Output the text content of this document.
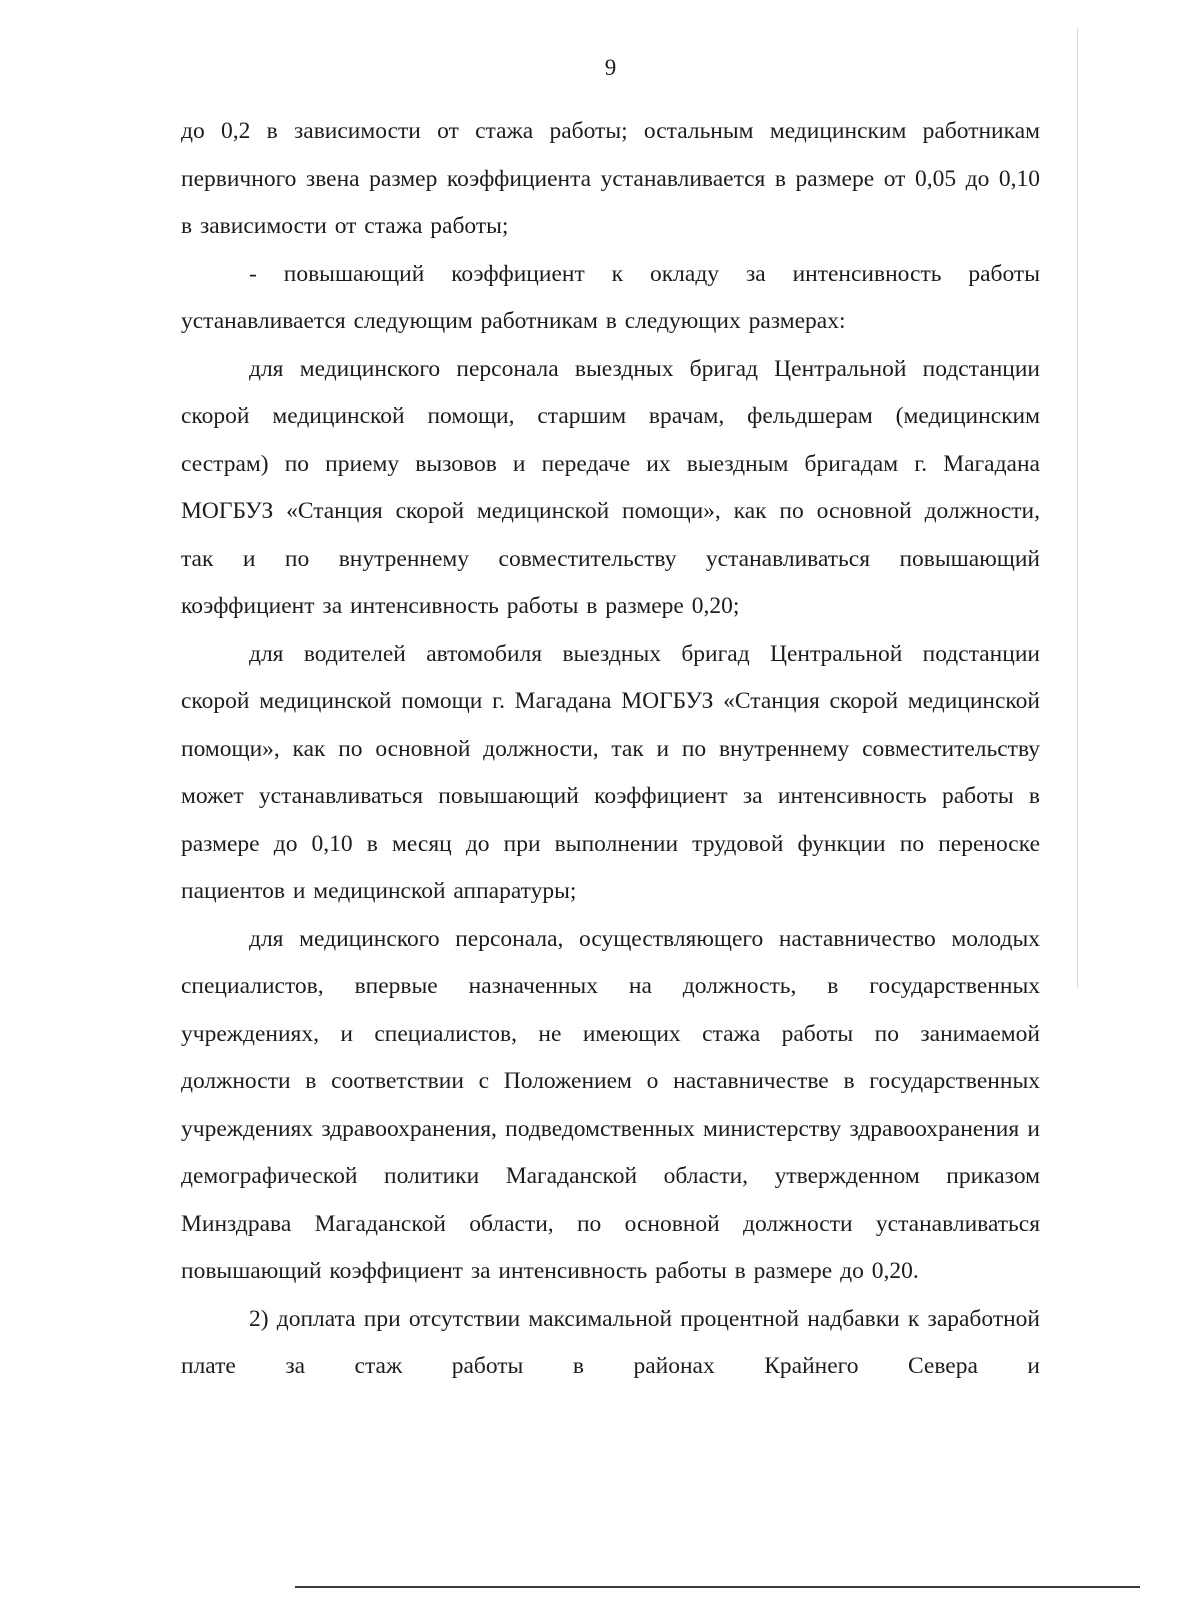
9

до 0,2 в зависимости от стажа работы; остальным медицинским работникам первичного звена размер коэффициента устанавливается в размере от 0,05 до 0,10 в зависимости от стажа работы;

- повышающий коэффициент к окладу за интенсивность работы устанавливается следующим работникам в следующих размерах:

для медицинского персонала выездных бригад Центральной подстанции скорой медицинской помощи, старшим врачам, фельдшерам (медицинским сестрам) по приему вызовов и передаче их выездным бригадам г. Магадана МОГБУЗ «Станция скорой медицинской помощи», как по основной должности, так и по внутреннему совместительству устанавливаться повышающий коэффициент за интенсивность работы в размере 0,20;

для водителей автомобиля выездных бригад Центральной подстанции скорой медицинской помощи г. Магадана МОГБУЗ «Станция скорой медицинской помощи», как по основной должности, так и по внутреннему совместительству может устанавливаться повышающий коэффициент за интенсивность работы в размере до 0,10 в месяц до при выполнении трудовой функции по переноске пациентов и медицинской аппаратуры;

для медицинского персонала, осуществляющего наставничество молодых специалистов, впервые назначенных на должность, в государственных учреждениях, и специалистов, не имеющих стажа работы по занимаемой должности в соответствии с Положением о наставничестве в государственных учреждениях здравоохранения, подведомственных министерству здравоохранения и демографической политики Магаданской области, утвержденном приказом Минздрава Магаданской области, по основной должности устанавливаться повышающий коэффициент за интенсивность работы в размере до 0,20.

2) доплата при отсутствии максимальной процентной надбавки к заработной плате за стаж работы в районах Крайнего Севера и
